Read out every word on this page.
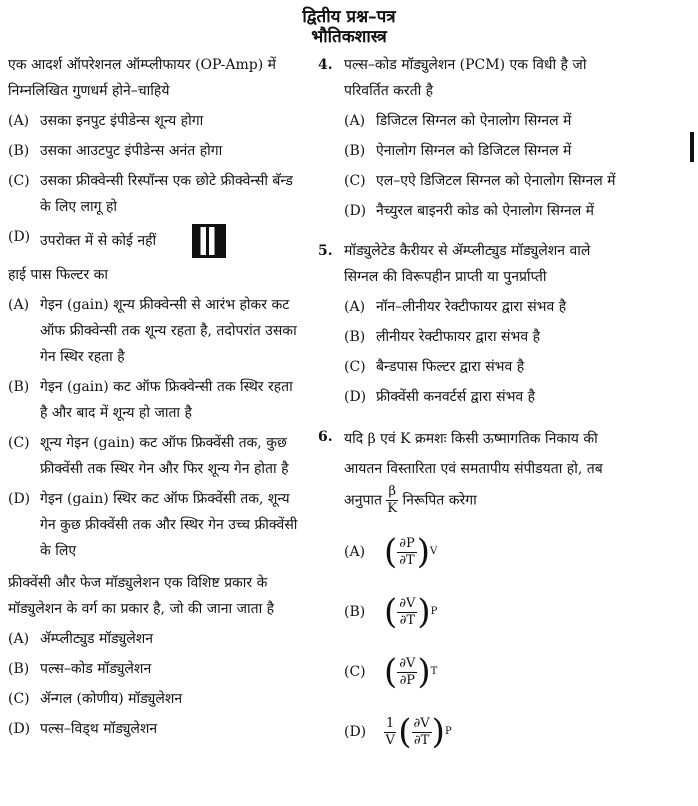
द्वितीय प्रश्न–पत्र
भौतिकशास्त्र

एक आदर्श ऑपरेशनल ऑम्प्लीफायर (OP-Amp) में निम्नलिखित गुणधर्म होने–चाहिये

(A) उसका इनपुट इंपीडेन्स शून्य होगा
(B) उसका आउटपुट इंपीडेन्स अनंत होगा
(C) उसका फ्रीक्वेन्सी रिस्पॉन्स एक छोटे फ्रीक्वेन्सी बॅन्ड के लिए लागू हो
(D) उपरोक्त में से कोई नहीं

हाई पास फिल्टर का

(A) गेइन (gain) शून्य फ्रीक्वेन्सी से आरंभ होकर कट ऑफ फ्रीक्वेन्सी तक शून्य रहता है, तदोपरांत उसका गेन स्थिर रहता है
(B) गेइन (gain) कट ऑफ फ्रिक्वेन्सी तक स्थिर रहता है और बाद में शून्य हो जाता है
(C) शून्य गेइन (gain) कट ऑफ फ्रिक्वेंसी तक, कुछ फ्रीक्वेंसी तक स्थिर गेन और फिर शून्य गेन होता है
(D) गेइन (gain) स्थिर कट ऑफ फ्रिक्वेंसी तक, शून्य गेन कुछ फ्रीक्वेंसी तक और स्थिर गेन उच्च फ्रीक्वेंसी के लिए

फ्रीक्वेंसी और फेज मॉड्युलेशन एक विशिष्ट प्रकार के मॉड्युलेशन के वर्ग का प्रकार है, जो की जाना जाता है

(A) ॲम्प्लीट्युड मॉड्युलेशन
(B) पल्स–कोड मॉड्युलेशन
(C) ॲन्गल (कोणीय) मॉड्युलेशन
(D) पल्स–विड्थ मॉड्युलेशन
4. पल्स–कोड मॉड्युलेशन (PCM) एक विधी है जो परिवर्तित करती है

(A) डिजिटल सिग्नल को ऐनालोग सिग्नल में
(B) ऐनालोग सिग्नल को डिजिटल सिग्नल में
(C) एल–एऐ डिजिटल सिग्नल को ऐनालोग सिग्नल में
(D) नैच्युरल बाइनरी कोड को ऐनालोग सिग्नल में
5. मॉड्युलेटेड कैरीयर से ॲम्प्लीट्युड मॉड्युलेशन वाले सिग्नल की विरूपहीन प्राप्ती या पुनर्प्राप्ती

(A) नॉन–लीनीयर रेक्टीफायर द्वारा संभव है
(B) लीनीयर रेक्टीफायर द्वारा संभव है
(C) बैन्डपास फिल्टर द्वारा संभव है
(D) फ्रीक्वेंसी कनवर्टर्स द्वारा संभव है
6. यदि β एवं K क्रमशः किसी ऊष्मागतिक निकाय की आयतन विस्तारिता एवं समतापीय संपीडयता हो, तब अनुपात $\frac{\beta}{K}$ निरूपित करेगा

(A) ( $\frac{\partial P}{\partial T}$ ) V
(B) ( $\frac{\partial V}{\partial T}$ ) P
(C) ( $\frac{\partial V}{\partial P}$ ) T
(D)	$\frac{1}{V}$ ( $\frac{\partial V}{\partial T}$ ) P
